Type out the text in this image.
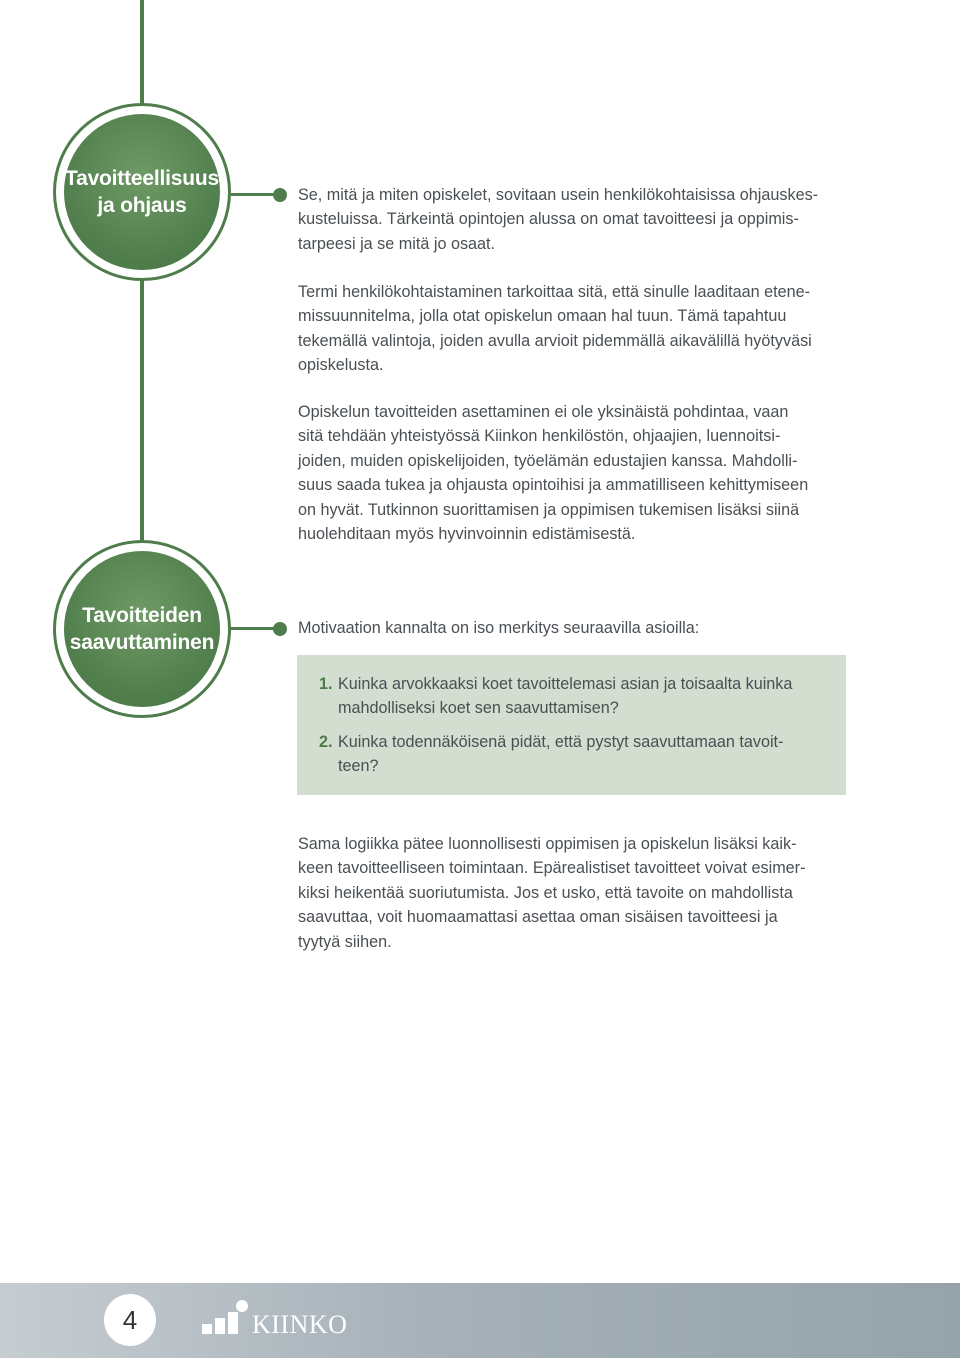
Tavoitteellisuus
ja ohjaus	Se, mitä ja miten opiskelet, sovitaan usein henkilökohtaisissa ohjauskes-
kusteluissa. Tärkeintä opintojen alussa on omat tavoitteesi ja oppimis-
tarpeesi ja se mitä jo osaat.

Termi henkilökohtaistaminen tarkoittaa sitä, että sinulle laaditaan etene-
missuunnitelma, jolla otat opiskelun omaan hal tuun. Tämä tapahtuu
tekemällä valintoja, joiden avulla arvioit pidemmällä aikavälillä hyötyväsi
opiskelusta.

Opiskelun tavoitteiden asettaminen ei ole yksinäistä pohdintaa, vaan
sitä tehdään yhteistyössä Kiinkon henkilöstön, ohjaajien, luennoitsi-
joiden, muiden opiskelijoiden, työelämän edustajien kanssa. Mahdolli-
suus saada tukea ja ohjausta opintoihisi ja ammatilliseen kehittymiseen
on hyvät. Tutkinnon suorittamisen ja oppimisen tukemisen lisäksi siinä
huolehditaan myös hyvinvoinnin edistämisestä.

Tavoitteiden
saavuttaminen

Motivaation kannalta on iso merkitys seuraavilla asioilla:

1. Kuinka arvokkaaksi koet tavoittelemasi asian ja toisaalta kuinka
mahdolliseksi koet sen saavuttamisen?
2. Kuinka todennäköisenä pidät, että pystyt saavuttamaan tavoit-
teen?

Sama logiikka pätee luonnollisesti oppimisen ja opiskelun lisäksi kaik-
keen tavoitteelliseen toimintaan. Epärealistiset tavoitteet voivat esimer-
kiksi heikentää suoriutumista. Jos et usko, että tavoite on mahdollista
saavuttaa, voit huomaamattasi asettaa oman sisäisen tavoitteesi ja
tyytyä siihen.

4	KIINKO
